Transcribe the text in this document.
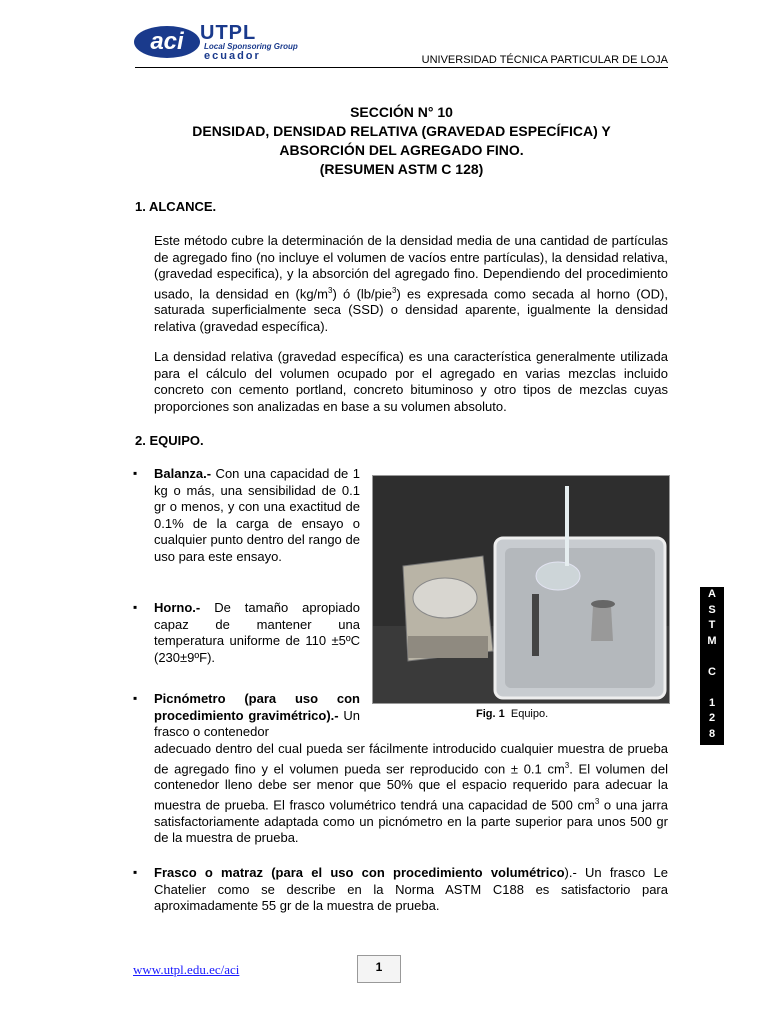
aci UTPL
Local Sponsoring Group
ecuador	UNIVERSIDAD TÉCNICA PARTICULAR DE LOJA
SECCIÓN N° 10
DENSIDAD, DENSIDAD RELATIVA (GRAVEDAD ESPECÍFICA) Y
ABSORCIÓN DEL AGREGADO FINO.
(RESUMEN ASTM C 128)
1. ALCANCE.
Este método cubre la determinación de la densidad media de una cantidad de partículas de agregado fino (no incluye el volumen de vacíos entre partículas), la densidad relativa, (gravedad especifica), y la absorción del agregado fino. Dependiendo del procedimiento usado, la densidad en $(kg/m^3)$ ó (lb/pie$^3$) es expresada como secada al horno (OD), saturada superficialmente seca (SSD) o densidad aparente, igualmente la densidad relativa (gravedad específica).
La densidad relativa (gravedad específica) es una característica generalmente utilizada para el cálculo del volumen ocupado por el agregado en varias mezclas incluido concreto con cemento portland, concreto bituminoso y otro tipos de mezclas cuyas proporciones son analizadas en base a su volumen absoluto.
2. EQUIPO.
▪ Balanza.- Con una capacidad de 1 kg o más, una sensibilidad de 0.1 gr o menos, y con una exactitud de 0.1% de la carga de ensayo o cualquier punto dentro del rango de uso para este ensayo.
▪ Horno.- De tamaño apropiado capaz de mantener una temperatura uniforme de 110 ±5ºC (230±9ºF).
▪ Picnómetro (para uso con procedimiento gravimétrico).- Un frasco o contenedor
adecuado dentro del cual pueda ser fácilmente introducido cualquier muestra de prueba de agregado fino y el volumen pueda ser reproducido con ± 0.1 $cm^3$. El volumen del contenedor lleno debe ser menor que 50% que el espacio requerido para adecuar la muestra de prueba. El frasco volumétrico tendrá una capacidad de 500 $cm^3$ o una jarra satisfactoriamente adaptada como un picnómetro en la parte superior para unos 500 gr de la muestra de prueba.
▪ Frasco o matraz (para el uso con procedimiento volumétrico).- Un frasco Le Chatelier como se describe en la Norma ASTM C188 es satisfactorio para aproximadamente 55 gr de la muestra de prueba.
Fig. 1 Equipo.
A
S
T
M

C

1
2
8
www.utpl.edu.ec/aci	1
